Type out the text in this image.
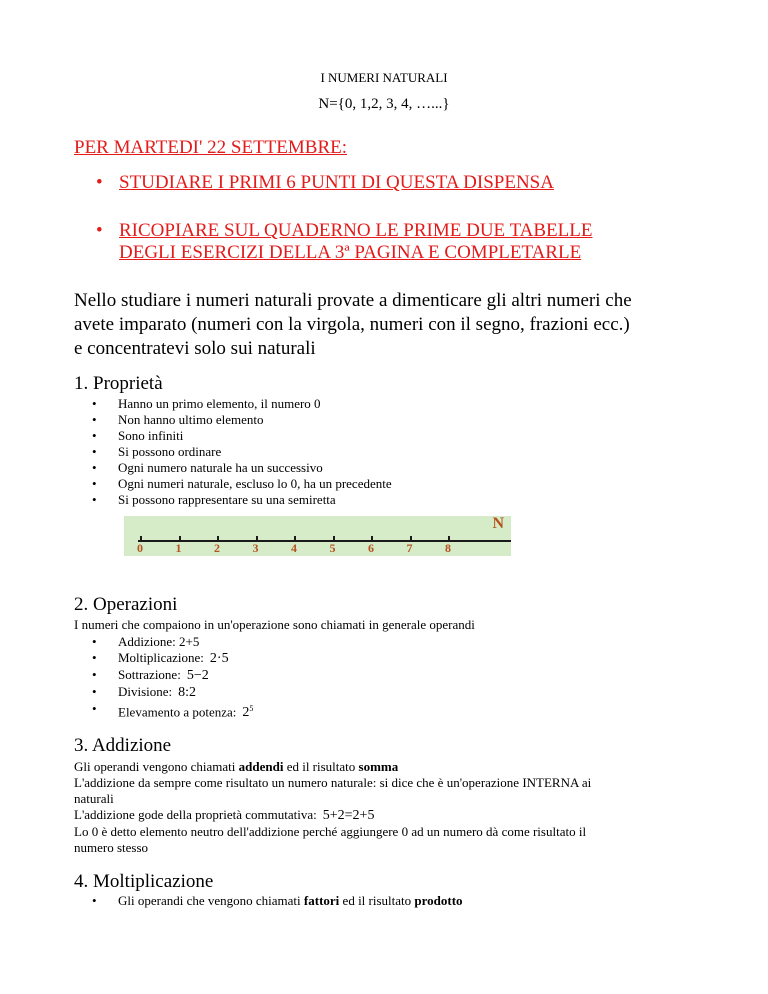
I NUMERI NATURALI
N={0, 1,2, 3, 4, …...}
PER MARTEDI' 22 SETTEMBRE:
• STUDIARE I PRIMI 6 PUNTI DI QUESTA DISPENSA
• RICOPIARE SUL QUADERNO LE PRIME DUE TABELLE
DEGLI ESERCIZI DELLA 3ª PAGINA E COMPLETARLE
Nello studiare i numeri naturali provate a dimenticare gli altri numeri che
avete imparato (numeri con la virgola, numeri con il segno, frazioni ecc.)
e concentratevi solo sui naturali
1. Proprietà
• Hanno un primo elemento, il numero 0
• Non hanno ultimo elemento
• Sono infiniti
• Si possono ordinare
• Ogni numero naturale ha un successivo
• Ogni numeri naturale, escluso lo 0, ha un precedente
• Si possono rappresentare su una semiretta
N
0	1	2	3	4	5	6	7	8
2. Operazioni
I numeri che compaiono in un'operazione sono chiamati in generale operandi
• Addizione: 2+5
• Moltiplicazione: 2·5
• Sottrazione: 5−2
• Divisione: 8:2
• Elevamento a potenza: $2^5$
3. Addizione
Gli operandi vengono chiamati addendi ed il risultato somma
L'addizione da sempre come risultato un numero naturale: si dice che è un'operazione INTERNA ai
naturali
L'addizione gode della proprietà commutativa: 5+2=2+5
Lo 0 è detto elemento neutro dell'addizione perché aggiungere 0 ad un numero dà come risultato il
numero stesso
4. Moltiplicazione
• Gli operandi che vengono chiamati fattori ed il risultato prodotto
